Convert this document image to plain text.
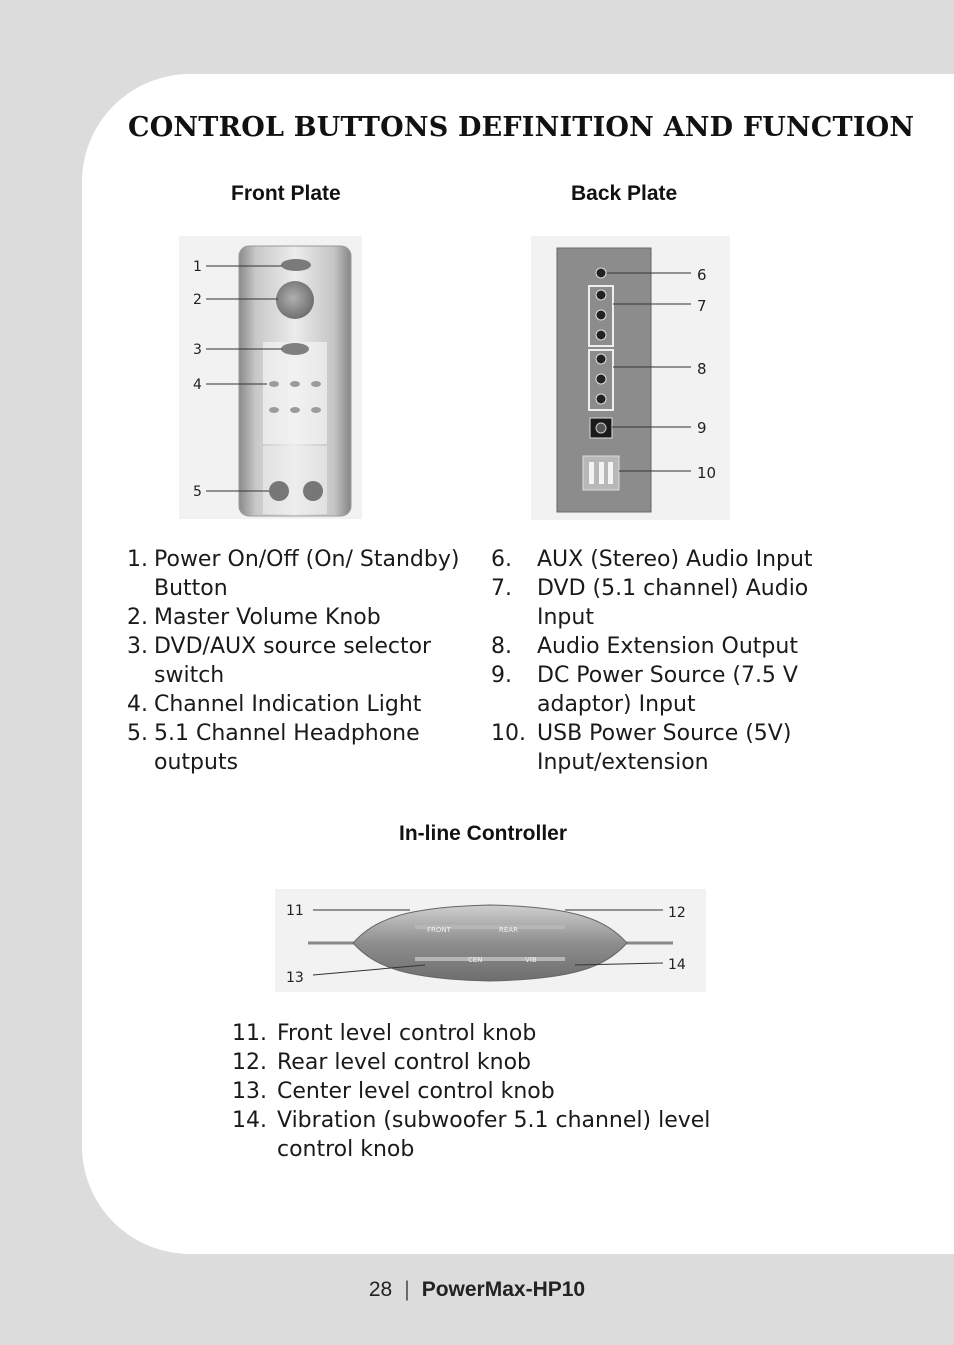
CONTROL BUTTONS DEFINITION AND FUNCTION
Front Plate
1
2
3
4
5
Back Plate
6
7
8
9
10
1. Power On/Off (On/ Standby) Button
2. Master Volume Knob
3. DVD/AUX source selector switch
4. Channel Indication Light
5. 5.1 Channel Headphone outputs
6.	AUX (Stereo) Audio Input
7.	DVD (5.1 channel) Audio Input
8.	Audio Extension Output
9.	DC Power Source (7.5 V adaptor) Input
10. USB Power Source (5V) Input/extension
In-line Controller
FRONT	REAR
CEN	VIB
11	12
13
14
11. Front level control knob
12. Rear level control knob
13. Center level control knob
14. Vibration (subwoofer 5.1 channel) level control knob
28 | PowerMax-HP10
